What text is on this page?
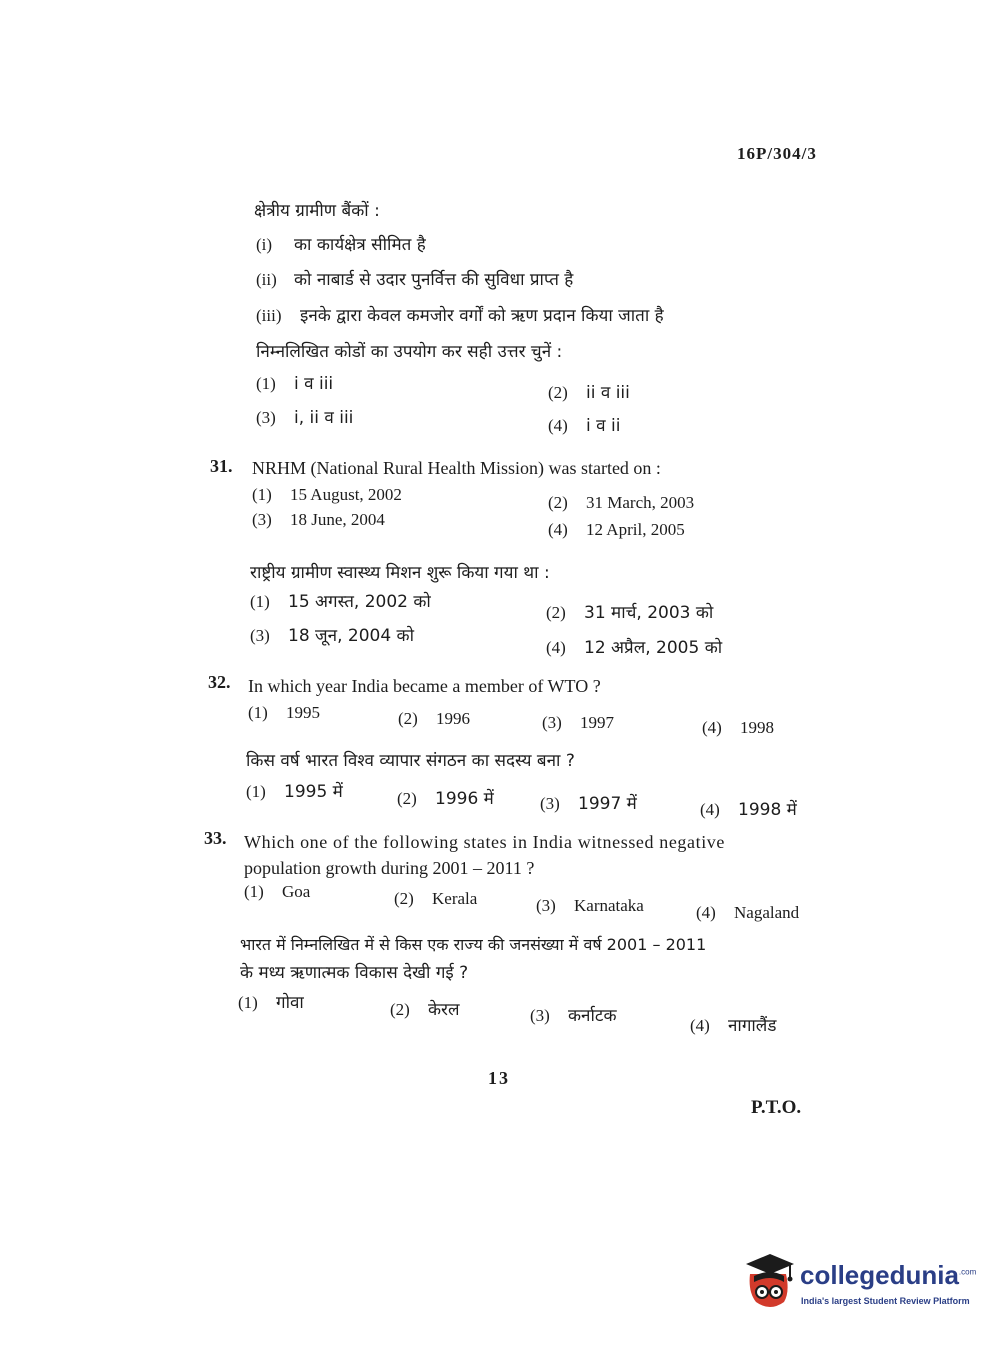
16P/304/3
क्षेत्रीय ग्रामीण बैंकों :
(i) का कार्यक्षेत्र सीमित है
(ii) को नाबार्ड से उदार पुनर्वित्त की सुविधा प्राप्त है
(iii) इनके द्वारा केवल कमजोर वर्गों को ऋण प्रदान किया जाता है
निम्नलिखित कोडों का उपयोग कर सही उत्तर चुनें :
(1) i व iii	(2) ii व iii
(3) i, ii व iii	(4) i व ii
31. NRHM (National Rural Health Mission) was started on :
(1) 15 August, 2002	(2) 31 March, 2003
(3) 18 June, 2004
(4) 12 April, 2005
राष्ट्रीय ग्रामीण स्वास्थ्य मिशन शुरू किया गया था :
(1) 15 अगस्त, 2002 को
(2) 31 मार्च, 2003 को
(3) 18 जून, 2004 को
(4) 12 अप्रैल, 2005 को
32. In which year India became a member of WTO ?
(1) 1995	(2) 1996	(3) 1997	(4) 1998
किस वर्ष भारत विश्व व्यापार संगठन का सदस्य बना ?
(1) 1995 में	(2) 1996 में	(3) 1997 में	(4) 1998 में
33. Which one of the following states in India witnessed negative
population growth during 2001 – 2011 ?
(1) Goa	(2) Kerala	(3) Karnataka	(4) Nagaland
भारत में निम्नलिखित में से किस एक राज्य की जनसंख्या में वर्ष 2001 – 2011
के मध्य ऋणात्मक विकास देखी गई ?
(1) गोवा	(2) केरल	(3) कर्नाटक	(4) नागालैंड
13
P.T.O.
collegedunia$^{.com}$
India's largest Student Review Platform
